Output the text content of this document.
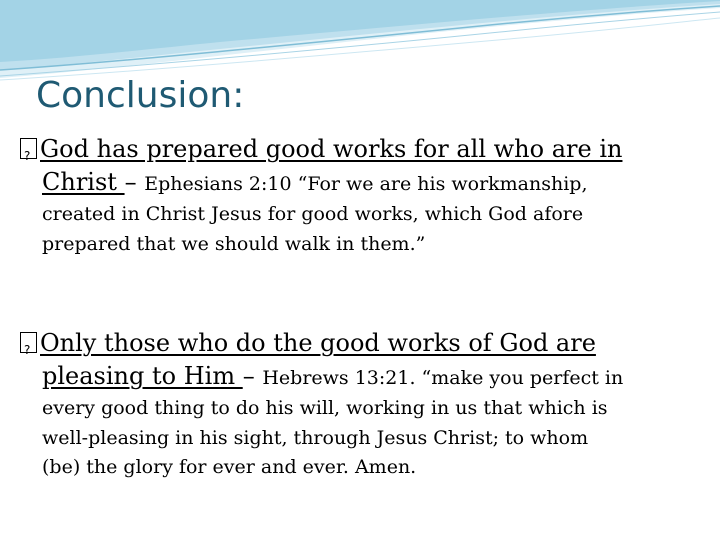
Conclusion:
? God has prepared good works for all who are in
Christ – Ephesians 2:10 “For we are his workmanship,
created in Christ Jesus for good works, which God afore
prepared that we should walk in them.”
? Only those who do the good works of God are
pleasing to Him – Hebrews 13:21. “make you perfect in
every good thing to do his will, working in us that which is
well-pleasing in his sight, through Jesus Christ; to whom
(be) the glory for ever and ever. Amen.
